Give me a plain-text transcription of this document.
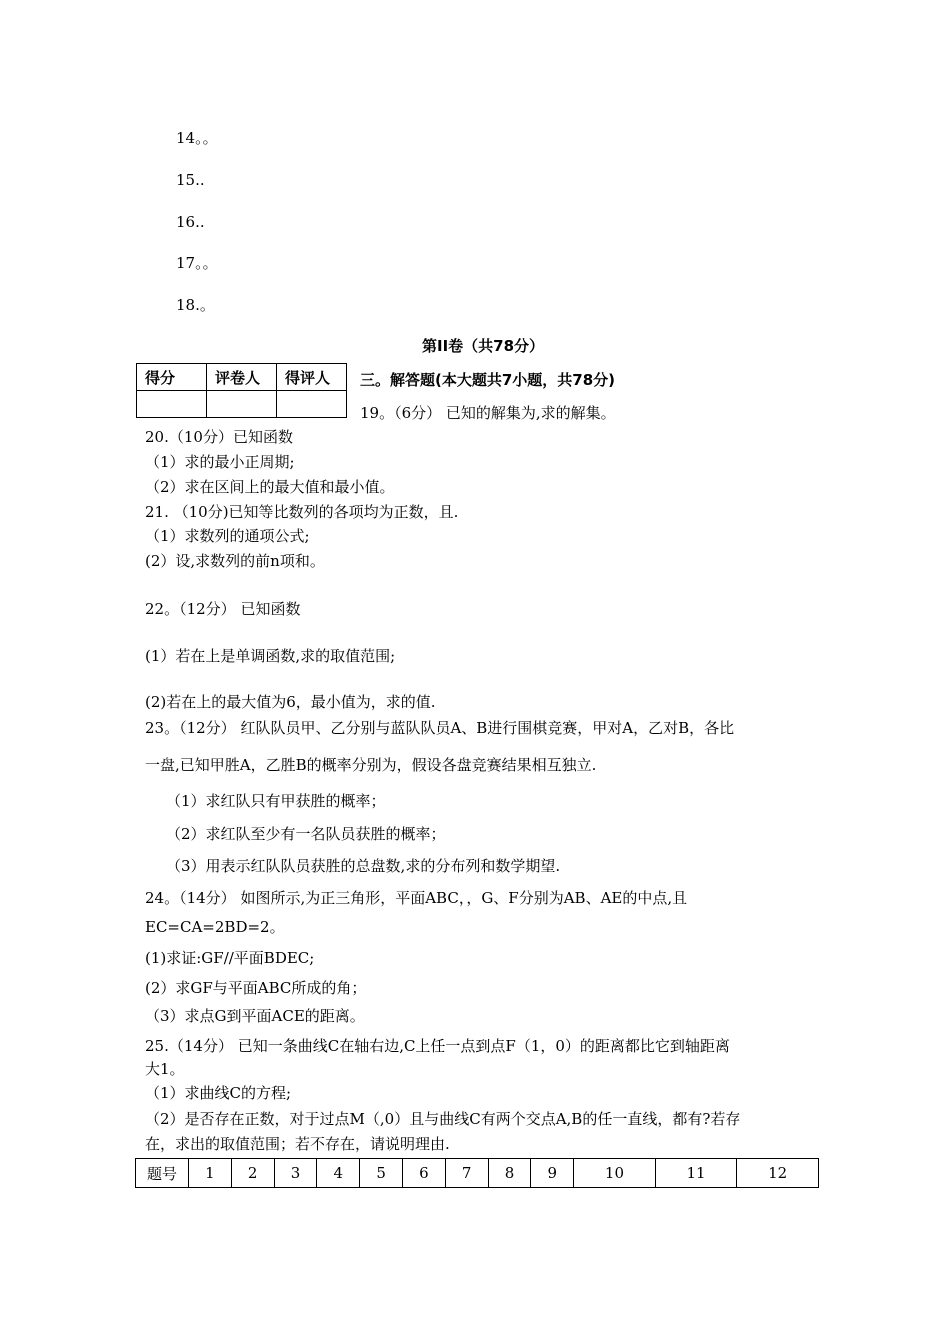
14。。
15..
16..
17。。
18.。
第II卷（共78分）
得分	评卷人	得评人
		三。解答题(本大题共7小题，共78分)
19。（6分） 已知的解集为,求的解集。
20.（10分）已知函数
（1）求的最小正周期;
（2）求在区间上的最大值和最小值。
21. （10分)已知等比数列的各项均为正数，且.
（1）求数列的通项公式;
(2）设,求数列的前n项和。
22。（12分） 已知函数
(1）若在上是单调函数,求的取值范围;
(2)若在上的最大值为6，最小值为，求的值.
23。（12分） 红队队员甲、乙分别与蓝队队员A、B进行围棋竞赛，甲对A，乙对B，各比
一盘,已知甲胜A，乙胜B的概率分别为，假设各盘竞赛结果相互独立.
（1）求红队只有甲获胜的概率；
（2）求红队至少有一名队员获胜的概率；
（3）用表示红队队员获胜的总盘数,求的分布列和数学期望.
24。（14分） 如图所示,为正三角形，平面ABC，，G、F分别为AB、AE的中点,且
EC=CA=2BD=2。
(1)求证:GF//平面BDEC;
(2）求GF与平面ABC所成的角；
（3）求点G到平面ACE的距离。
25.（14分） 已知一条曲线C在轴右边,C上任一点到点F（1，0）的距离都比它到轴距离
大1。
（1）求曲线C的方程;
（2）是否存在正数，对于过点M（,0）且与曲线C有两个交点A,B的任一直线，都有?若存
在，求出的取值范围；若不存在，请说明理由.
题号	1	2	3	4	5	6	7	8	9	10	11	12
